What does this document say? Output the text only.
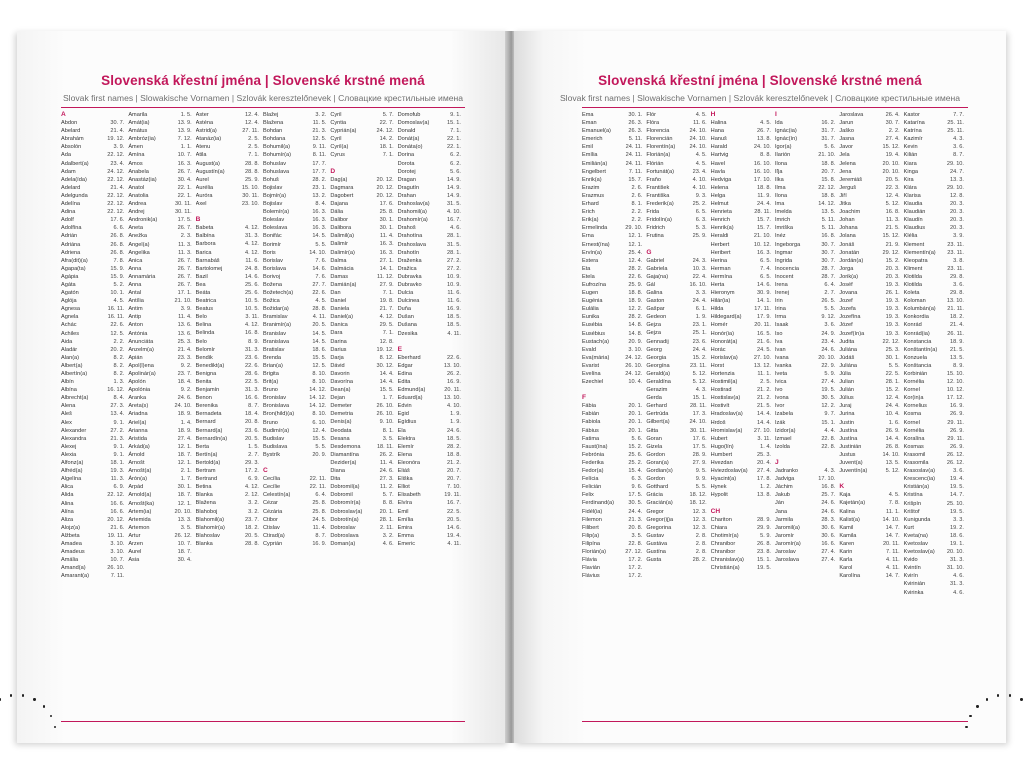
Slovenská křestní jména | Slovenské krstné mená
Slovak first names | Slowakische Vornamen | Szlovák keresztelőnevek | Словацкие крестильные имена
A
Abdon	30. 7.
Abelard	21. 4.
Abrahám	19. 12.
Absolón	3. 9.
Ada	22. 12.
Adalbert(a)	23. 4.
Adam	24. 12.
Adela(ída)	22. 12.
Adelard	21. 4.
Adelgunda	22. 12.
Adelína	22. 12.
Adina	22. 12.
Adolf	17. 6.
Adolfína	6. 6.
Adrián	26. 8.
Adriána	26. 8.
Adriena	26. 8.
Afra(dit)(a)	7. 8.
Agapa(ta)	15. 9.
Agápia	15. 9.
Agáta	5. 2.
Agatón	10. 1.
Aglója	4. 5.
Agnesa	16. 11.
Agnela	16. 11.
Achác	22. 6.
Achiles	12. 5.
Aida	2. 2.
Aladár	20. 2.
Alan(a)	8. 2.
Albert(a)	8. 2.
Albertín(a)	8. 2.
Albín	1. 3.
Albína	16. 12.
Albrecht(a)	8. 4.
Alena	27. 3.
Aleš	13. 4.
Alex	9. 1.
Alexander	27. 2.
Alexandra	21. 3.
Alexej	9. 1.
Alexia	9. 1.
Alfonz(a)	18. 1.
Alfréd(a)	19. 3.
Algelína	11. 3.
Alica	6. 9.
Alida	22. 12.
Alina	16. 6.
Alína	16. 6.
Aliza	20. 12.
Alojz(a)	21. 6.
Alžbeta	19. 11.
Amadea	3. 10.
Amadeus	3. 10.
Amália	10. 7.
Amand(a)	26. 10.
Amarant(a)	7. 11.
Amarila	1. 5.
Amát(ia)	13. 9.
Amátus	13. 9.
Ambróz(ia)	7. 12.
Ámen	1. 1.
Amína	10. 7.
Amos	16. 3.
Anabela	26. 7.
Anastáz(ia)	30. 4.
Anatol	22. 1.
Anatolia	22. 1.
Andrea	30. 11.
Andrej	30. 11.
Andronik(a)	17. 5.
Aneta	26. 7.
Anežka	2. 3.
Angel(a)	11. 3.
Angelika	11. 3.
Anica	26. 7.
Anna	26. 7.
Annamária	26. 7.
Anna	26. 7.
Antal	17. 1.
Antília	21. 10.
Antim	3. 9.
Antip	11. 4.
Anton	13. 6.
Antónia	13. 6.
Anunciáta	25. 3.
Anzelm(a)	21. 4.
Apián	23. 3.
Apol(l)ena	9. 2.
Apolinár(a)	23. 7.
Apolón	18. 4.
Apolónia	9. 2.
Aranka	24. 6.
Areta(s)	24. 10.
Ariadna	18. 9.
Ariel(a)	1. 4.
Arianna	18. 9.
Aristida	27. 4.
Arkád(a)	12. 1.
Árnold	18. 7.
Arnošt	12. 1.
Arnošt(a)	2. 1.
Árón(a)	1. 7.
Arpád	30. 1.
Arnold(a)	18. 7.
Arnošt(ka)	12. 1.
Artem(ia)	20. 10.
Artemida	13. 3.
Artemon	3. 5.
Artur	26. 12.
Arzen	10. 7.
Aurel	18. 7.
Asia	30. 4.
Aster	12. 4.
Asténa	12. 4.
Astrid(a)	27. 11.
Atanáz(ia)	2. 5.
Atenu	2. 5.
Atila	7. 1.
August(a)	28. 8.
Augustín(a)	28. 8.
Aurel	25. 9.
Aurélia	15. 10.
Auróra	30. 11.
Axel	23. 10.
B
Babeta	4. 12.
Balbína	31. 3.
Barbora	4. 12.
Barica	4. 12.
Barnabáš	11. 6.
Bartolomej	24. 8.
Bazil	14. 6.
Bea	25. 6.
Beáta	25. 6.
Beatrica	10. 5.
Beatus	10. 5.
Belo	3. 11.
Belina	4. 12.
Belinda	16. 8.
Belo	8. 9.
Belomír	31. 3.
Bendik	23. 6.
Benedikt(a)	22. 6.
Benigna	28. 6.
Benita	22. 5.
Benjamín	31. 3.
Benon	16. 6.
Berenika	8. 7.
Bernadeta	18. 4.
Bernard	20. 8.
Bernard(a)	23. 6.
Bernardín(a)	20. 5.
Berta	1. 5.
Bertín(a)	2. 7.
Bertold(a)	29. 3.
Bertram	17. 2.
Bertrand	6. 9.
Betina	4. 12.
Blanka	2. 12.
Blažena	3. 2.
Blahoboj	3. 2.
Blahomil(a)	23. 7.
Blahomír(a)	18. 2.
Blahoslav	20. 5.
Blanka	28. 8.
Blažej	3. 2.
Blažena	11. 5.
Bohdan	21. 3.
Bohdana	12. 5.
Bohumil(a)	9. 11.
Bohumír(a)	8. 11.
Bohuslav	17. 7.
Bohuslava	17. 7.
Bohuš	28. 2.
Bojislav	23. 1.
Bojmír(a)	13. 2.
Bojislav	8. 4.
Bolemír(a)	16. 3.
Boleslav	16. 3.
Boleslava	16. 3.
Bonifác	14. 5.
Borimír	5. 5.
Boris	14. 10.
Borislav	7. 6.
Borislava	14. 6.
Borivoj	7. 6.
Božena	27. 7.
Božetech(a)	22. 6.
Božica	4. 5.
Božidar(a)	28. 8.
Bramislav	4. 11.
Branimír(a)	20. 5.
Branislav	14. 5.
Branislava	14. 5.
Bratislav	18. 6.
Brenda	15. 5.
Brian(a)	12. 5.
Brigita	8. 10.
Brit(a)	8. 10.
Bruno	14. 12.
Bronislav	14. 12.
Bronislava	14. 12.
Bron(hild)(a)	8. 10.
Bruno	6. 10.
Budimír(a)	12. 4.
Budislav	15. 5.
Budislava	5. 5.
Bystrík	20. 9.
C
Cecília	22. 11.
Cecílie	22. 11.
Celestín(a)	6. 4.
Cézar	25. 8.
Cézária	25. 8.
Ctibor	24. 5.
Ctislav	11. 4.
Ctirad(a)	8. 7.
Cyprián	16. 9.
Cyril	5. 7.
Cyntia	22. 7.
Cyprián(a)	24. 12.
Cyril	14. 2.
Cyril(a)	18. 1.
Cyrus	7. 1.
D
Dag(a)	20. 12.
Dagmara	20. 12.
Dagobert	20. 12.
Dajana	17. 6.
Dália	25. 8.
Dalibor	30. 1.
Dalibora	30. 1.
Dalimil(a)	11. 4.
Dalimír	16. 3.
Dalimír(a)	16. 3.
Dalma	27. 1.
Dalmácia	14. 1.
Damas	11. 12.
Damián(a)	27. 9.
Dan	7. 1.
Daniel	19. 8.
Daniela	21. 7.
Daniel(a)	4. 12.
Danica	29. 5.
Dara	7. 1.
Darina	12. 8.
Darius	19. 12.
Darja	8. 12.
Dávid	30. 12.
Davorin	14. 4.
Davorína	14. 4.
Dean(a)	15. 5.
Dejan	1. 7.
Demeter	26. 10.
Demetria	26. 10.
Denis(a)	9. 10.
Deodata	8. 1.
Desana	3. 5.
Desdemona	18. 11.
Diamantína	26. 2.
Dezider(a)	11. 4.
Diana	24. 6.
Dita	27. 3.
Dobromil(a)	11. 2.
Dobromil	5. 7.
Dobromír(a)	8. 8.
Dobroslav(a)	20. 1.
Dobrotín(a)	28. 1.
Dobroslav	2. 11.
Dobroslava	3. 2.
Doman(a)	4. 6.
Domofub	9. 1.
Domoslav(a)	15. 1.
Donald	7. 1.
Donát(a)	22. 1.
Donáta(o)	22. 1.
Dorina	6. 2.
Dorota	6. 2.
Dorotej	5. 6.
Dragan	14. 9.
Dragutín	14. 9.
Drahan	14. 9.
Drahoslav(a)	31. 5.
Drahomil(a)	4. 10.
Drahomír(a)	16. 7.
Drahoš	4. 6.
Drahotína	28. 1.
Drahoslava	31. 5.
Drahotín	28. 1.
Draženka	27. 2.
Dražica	27. 2.
Dubravka	10. 9.
Dubravko	10. 9.
Dulcia	11. 6.
Dulcinea	11. 6.
Duňa	16. 9.
Dušan	18. 5.
Dušana	18. 5.
Dzesika	4. 11.
E
Eberhard	22. 6.
Edgar	13. 10.
Edina	26. 2.
Edita	16. 9.
Edmund(a)	20. 11.
Eduard(a)	13. 10.
Edvin	4. 10.
Egid	1. 9.
Egídius	1. 9.
Ela	24. 6.
Elektra	18. 5.
Elemír	28. 2.
Elena	18. 8.
Eleonóra	21. 2.
Eliáš	20. 7.
Eliška	20. 7.
Elliot	7. 10.
Elisabeth	19. 11.
Elvíra	16. 7.
Emil	22. 5.
Emília	20. 5.
Emira	14. 6.
Emma	19. 4.
Emeric	4. 11.
Slovenská křestní jména | Slovenské krstné mená
Slovak first names | Slowakische Vornamen | Szlovák keresztelőnevek | Словацкие крестильные имена
Ema	30. 1.
Eman	26. 3.
Emanuel(a)	26. 3.
Emerich	5. 11.
Emil	24. 11.
Emília	24. 11.
Emilián(a)	24. 11.
Engelbert	7. 11.
Enrik(a)	15. 7.
Erazim	2. 6.
Erazmus	2. 6.
Erhard	8. 1.
Erich	2. 2.
Erik(a)	2. 2.
Ermelinda	29. 10.
Erna	12. 1.
Ernest(ína)	12. 1.
Ervín(a)	25. 4.
Estera	12. 4.
Eta	28. 2.
Etela	22. 6.
Eufrozína	25. 9.
Eugen	18. 8.
Eugénia	18. 9.
Eulália	12. 2.
Eunika	28. 2.
Eusébia	14. 8.
Eusébius	14. 8.
Eustach(a)	20. 9.
Evald	3. 10.
Eva(mária)	24. 12.
Evarist	26. 10.
Evelína	24. 12.
Ezechiel	10. 4.
F
Fábia	20. 1.
Fabián	20. 1.
Fabiola	20. 1.
Fábius	20. 1.
Fatima	5. 6.
Faust(ína)	15. 2.
Febrónia	25. 6.
Federika	25. 2.
Fedor(a)	15. 4.
Felícia	6. 3.
Felicián	9. 6.
Felix	17. 5.
Ferdinand(a)	30. 5.
Fidél(ia)	24. 4.
Filemon	21. 3.
Filibert	20. 8.
Filip(a)	3. 5.
Filipína	22. 8.
Florián(a)	27. 12.
Flávia	17. 2.
Flavián	17. 2.
Flávius	17. 2.
Flór	4. 5.
Flóra	11. 6.
Florencia	24. 10.
Florencián	24. 10.
Florentín(a)	24. 10.
Florián(a)	4. 5.
Flórián	4. 5.
Fortunát(a)	23. 4.
Fraňo	4. 10.
František	4. 10.
Františka	9. 3.
Frederik(a)	25. 2.
Frida	6. 5.
Fridolín(a)	6. 3.
Fridrich	5. 3.
Frutina	25. 9.
G
Gabriel	24. 3.
Gabriela	10. 3.
Gaja(na)	22. 4.
Gál	16. 10.
Galina	3. 3.
Gaston	24. 4.
Gašpar	6. 1.
Gedeon	1. 9.
Gejza	23. 1.
Gejza	25. 1.
Gennadij	23. 6.
Georg	24. 4.
Georgia	15. 2.
Georgína	23. 11.
Gerald(a)	5. 12.
Geraldína	5. 12.
Gerazim	4. 3.
Gerda	15. 1.
Gerhard	28. 11.
Gertrúda	17. 3.
Gilbert(a)	24. 10.
Gitta	30. 11.
Goran	17. 6.
Gizela	17. 5.
Gordon	28. 9.
Goran(a)	27. 9.
Gordian(s)	9. 5.
Gordon	9. 9.
Gotthard	5. 5.
Grácia	18. 12.
Gracián(a)	18. 12.
Gregor	12. 3.
Gregor(ij)a	12. 3.
Gregorina	12. 3.
Gustav	2. 8.
Gustáva	2. 8.
Gustína	2. 8.
Gusta	28. 2.
H
Halina	4. 5.
Hana	26. 7.
Hanuš	13. 8.
Harald	24. 10.
Hartvig	8. 8.
Havel	16. 10.
Havla	16. 10.
Hedviga	17. 10.
Helena	18. 8.
Helga	11. 9.
Helmut	24. 4.
Henrieta	28. 11.
Henrich	15. 7.
Henrik(a)	15. 7.
Heraldi	21. 10.
Herbert	10. 12.
Heribert	16. 3.
Herina	6. 5.
Herman	7. 4.
Hermína	6. 5.
Herta	14. 6.
Hieronym	30. 9.
Hilár(ia)	14. 1.
Hilda	17. 11.
Hildegard(a)	17. 9.
Homér	20. 11.
Honór(ia)	16. 5.
Honorát(a)	21. 6.
Horác	24. 5.
Horislav(a)	27. 10.
Horst	13. 12.
Hortenzia	11. 1.
Hostimil(a)	2. 5.
Hostirad	21. 2.
Hostislav(a)	21. 2.
Hostivít	21. 5.
Hradoslav(a)	14. 4.
Hrdoš	14. 4.
Hromislav(a) 27. 10.
Hubert	3. 11.
Hugo(lín)	1. 4.
Humbert	25. 3.
Hvezdan	20. 4.
Hviezdoslav(a) 27. 4.
Hyacint(a)	17. 8.
Hynek	1. 2.
Hypolit	13. 8.
CH
Chariton	28. 9.
Chiara	29. 9.
Chotimír(a)	5. 9.
Chranibor	26. 8.
Chranibor	23. 8.
Chranislav(a) 15. 1.
Christián(a)	19. 5.
I
Ida	16. 2.
Ignác(ia)	31. 7.
Ignác(ín)	31. 7.
Igor(a)	5. 6.
Ilarión	21. 10.
Ilona	18. 8.
Iľja	20. 7.
Ilka	15. 8.
Ilma	22. 12.
Ilona	18. 8.
Ima	14. 12.
Imelda	13. 5.
Imrich	5. 11.
Imriška	5. 11.
Inéz	16. 8.
Ingeborga	30. 7.
Ingmar	30. 7.
Ingrida	30. 7.
Inocencia	28. 7.
Inocent	28. 7.
Irena	6. 4.
Irenej	2. 7.
Irin	26. 5.
Irina	5. 5.
Irma	9. 12.
Isaak	3. 6.
Iso	24. 9.
Iva	23. 4.
Ivan	24. 6.
Ivana	20. 10.
Ivanka	22. 9.
Iveta	5. 9.
Ivica	27. 4.
Ivo	19. 5.
Ivona	30. 5.
Ivor	12. 2.
Izabela	9. 7.
Izák	15. 1.
Izidor(a)	4. 4.
Izmael	22. 8.
Izolda	22. 8.
J
Jadranko	4. 3.
Jadviga	17. 10.
Jáchim	16. 8.
Jakub	25. 7.
Ján	24. 6.
Jana	24. 6.
Jarmila	28. 3.
Jaromil(a)	30. 6.
Jaromír	30. 6.
Jaromír(a)	16. 6.
Jaroslav	27. 4.
Jaroslava	27. 4.
Jaroslava	26. 4.
Jarun	30. 7.
Jaško	2. 2.
Jasna	27. 4.
Javor	15. 12.
Jela	19. 4.
Jelena	20. 10.
Jena	20. 10.
Jeremiáš	20. 5.
Jerguš	22. 3.
Jiří	12. 4.
Jitka	5. 12.
Joachim	16. 8.
Johan	11. 3.
Johana	21. 5.
Jolana	15. 12.
Jonáš	21. 9.
Jonatán	29. 12.
Jordán(a)	15. 2.
Jorga	20. 3.
Jorik(a)	20. 3.
Joséf	19. 3.
Jovana	26. 1.
Jozef	19. 3.
Jozefa	19. 3.
Jozefína	19. 3.
Józef	19. 3.
Jozef(ín)a	19. 3.
Judita	22. 12.
Juliána	25. 3.
Júdáš	30. 1.
Juliána	5. 5.
Júlia	22. 5.
Julian	28. 1.
Julián	15. 2.
Július	12. 4.
Juraj	24. 4.
Jurina	10. 4.
Justin	1. 6.
Justína	26. 9.
Justína	14. 4.
Justinián	26. 8.
Justus	14. 10.
Juvent(a)	13. 5.
Juventín(a)	5. 12.
K
Kaja	4. 5.
Kajetán(a)	7. 8.
Kalina	11. 1.
Kalist(a)	14. 10.
Kamil	14. 7.
Kamila	14. 7.
Karen	20. 11.
Karin	7. 11.
Karla	4. 11.
Karol	4. 11.
Karolína	14. 7.
Kastor	7. 7.
Katarína	25. 11.
Katrína	25. 11.
Kazimír	4. 3.
Kevin	3. 6.
Kilián	8. 7.
Kiara	29. 10.
Kinga	24. 7.
Kira	13. 3.
Klára	29. 10.
Klarisa	12. 8.
Klaudia	20. 3.
Klaudián	20. 3.
Klaudín	20. 3.
Klaudius	20. 3.
Klélia	3. 9.
Klement	23. 11.
Klementín(a) 23. 11.
Kleopatra	3. 8.
Kliment	23. 11.
Klotilda	29. 8.
Klotilda	3. 6.
Koleta	29. 8.
Koloman	13. 10.
Kolumbán(a) 21. 11.
Konkordia	18. 2.
Konrád	21. 4.
Konrád(ia)	26. 11.
Konstancia	18. 9.
Konštantín(a) 21. 5.
Konzuela	13. 5.
Konštancia	8. 9.
Korbinián	15. 10.
Kornélia	12. 10.
Kornel	10. 12.
Kor(in)a	17. 12.
Kornelius	16. 9.
Kosma	26. 9.
Kornel	29. 11.
Kornélia	26. 9.
Koralína	29. 11.
Kosmas	26. 9.
Krasomil	26. 12.
Krasomila	26. 12.
Krasoslav(a)	3. 6.
Krescenc(ia)	19. 4.
Kristián(a)	19. 5.
Kristína	14. 7.
Krišpín	25. 10.
Krištof	19. 5.
Kunigunda	3. 3.
Kurt	19. 2.
Kveta(na)	18. 6.
Kvetoslav	19. 1.
Kvetoslav(a) 20. 10.
Kvido	31. 3.
Kvintín	31. 10.
Kvirín	4. 6.
Kvirinián	31. 3.
Kvirinka	4. 6.
